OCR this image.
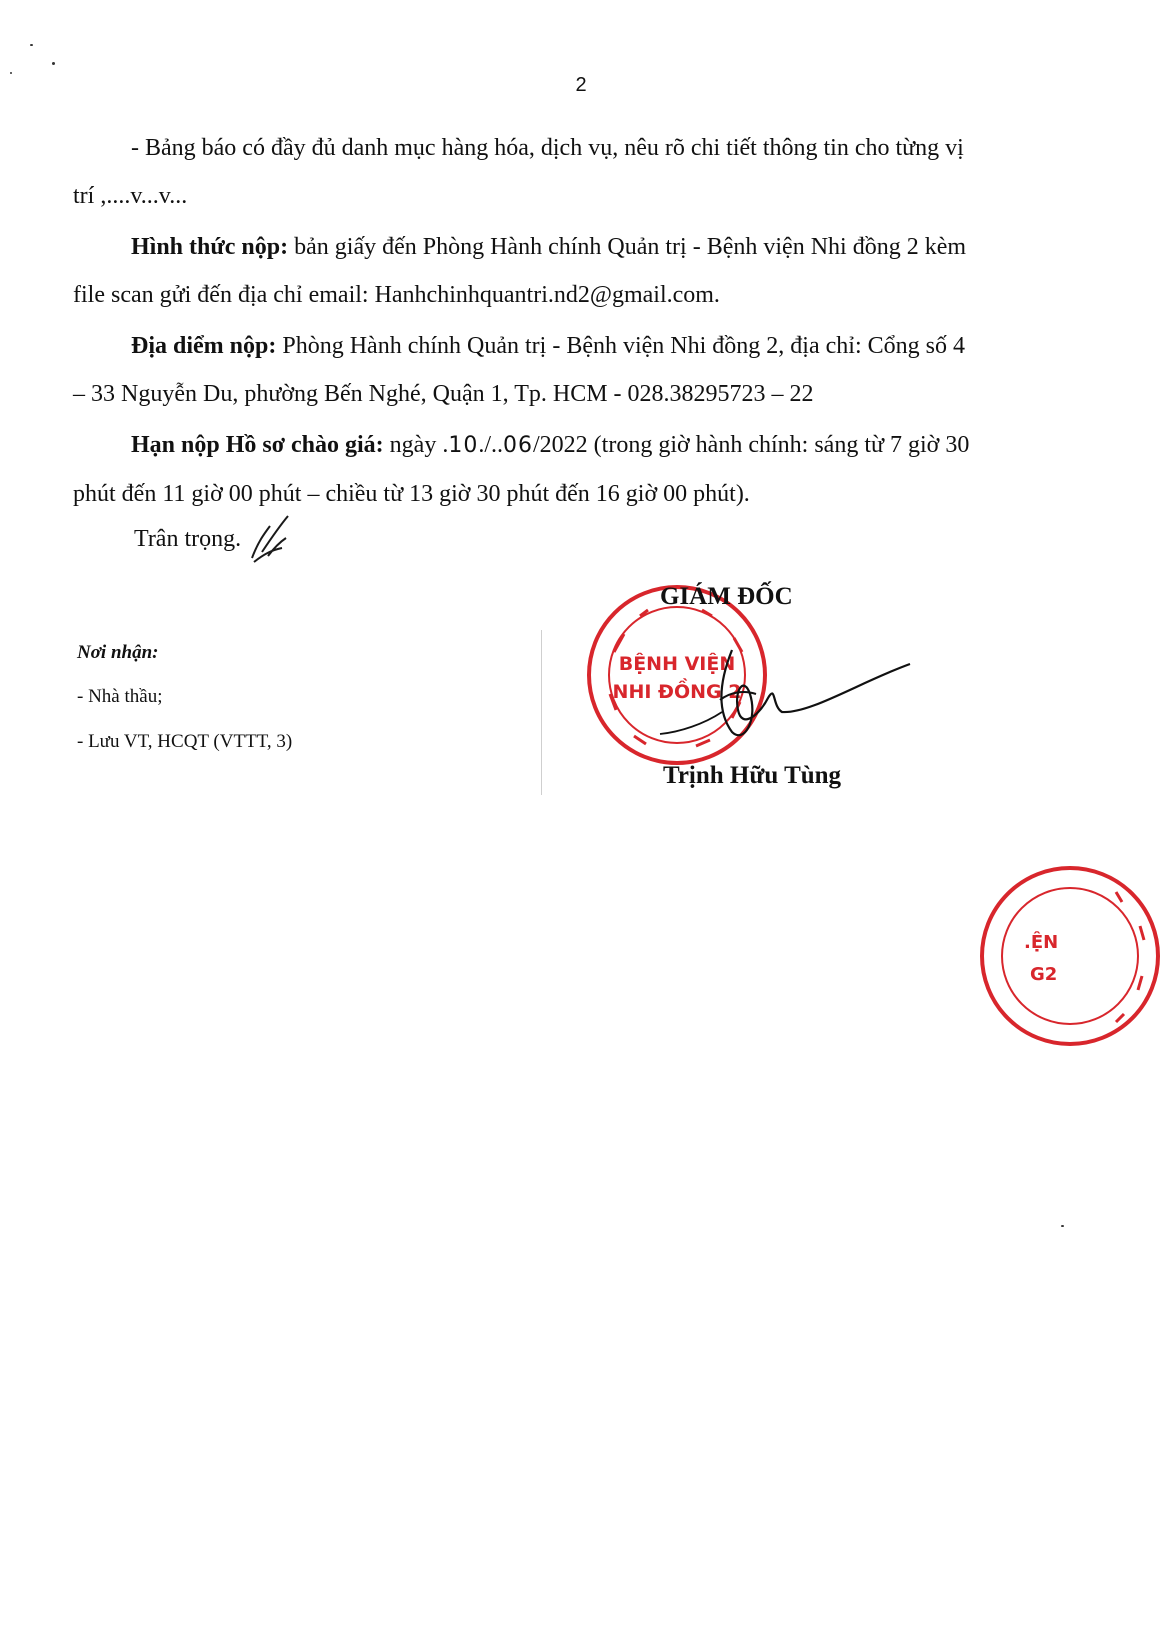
2
- Bảng báo có đầy đủ danh mục hàng hóa, dịch vụ, nêu rõ chi tiết thông tin cho từng vị
trí ,....v...v...
Hình thức nộp: bản giấy đến Phòng Hành chính Quản trị - Bệnh viện Nhi đồng 2 kèm
file scan gửi đến địa chỉ email: Hanhchinhquantri.nd2@gmail.com.
Địa diểm nộp: Phòng Hành chính Quản trị - Bệnh viện Nhi đồng 2, địa chỉ: Cổng số 4
– 33 Nguyễn Du, phường Bến Nghé, Quận 1, Tp. HCM - 028.38295723 – 22
Hạn nộp Hồ sơ chào giá: ngày .10./..06/2022 (trong giờ hành chính: sáng từ 7 giờ 30
phút đến 11 giờ 00 phút – chiều từ 13 giờ 30 phút đến 16 giờ 00 phút).
Trân trọng.
Nơi nhận:
- Nhà thầu;
- Lưu VT, HCQT (VTTT, 3)
BỆNH VIỆN
NHI ĐỒNG 2
GIÁM ĐỐC
Trịnh Hữu Tùng
.ỆN
G2
